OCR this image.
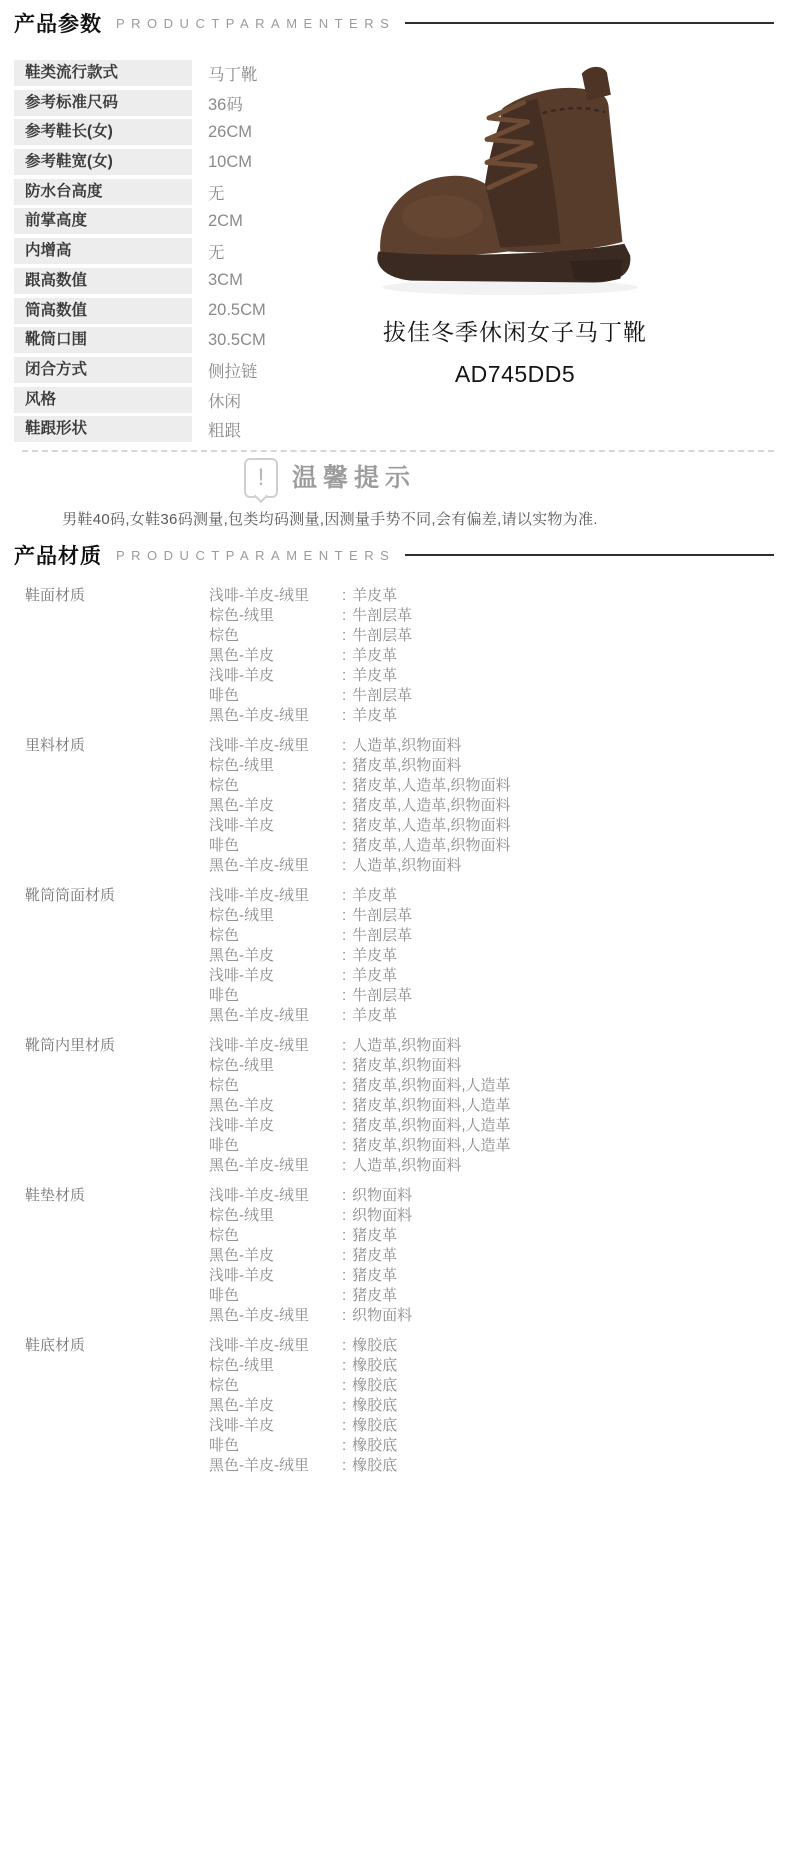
产品参数 PRODUCTPARAMENTERS
鞋类流行款式	马丁靴
参考标准尺码	36码
参考鞋长(女)	26CM
参考鞋宽(女)	10CM
防水台高度	无
前掌高度	2CM
内增高	无
跟高数值	3CM
筒高数值	20.5CM
靴筒口围	30.5CM
闭合方式	侧拉链
风格	休闲
鞋跟形状	粗跟
拔佳冬季休闲女子马丁靴
AD745DD5
!	温馨提示
男鞋40码,女鞋36码测量,包类均码测量,因测量手势不同,会有偏差,请以实物为准.
产品材质 PRODUCTPARAMENTERS
鞋面材质	浅啡-羊皮-绒里 : 羊皮革
棕色-绒里	: 牛剖层革
棕色	: 牛剖层革
黑色-羊皮	: 羊皮革
浅啡-羊皮	: 羊皮革
啡色	: 牛剖层革
黑色-羊皮-绒里 : 羊皮革
里料材质	浅啡-羊皮-绒里 : 人造革,织物面料
棕色-绒里	: 猪皮革,织物面料
棕色	: 猪皮革,人造革,织物面料
黑色-羊皮	: 猪皮革,人造革,织物面料
浅啡-羊皮	: 猪皮革,人造革,织物面料
啡色	: 猪皮革,人造革,织物面料
黑色-羊皮-绒里 : 人造革,织物面料
靴筒筒面材质	浅啡-羊皮-绒里 : 羊皮革
棕色-绒里	: 牛剖层革
棕色	: 牛剖层革
黑色-羊皮	: 羊皮革
浅啡-羊皮	: 羊皮革
啡色	: 牛剖层革
黑色-羊皮-绒里 : 羊皮革
靴筒内里材质	浅啡-羊皮-绒里 : 人造革,织物面料
棕色-绒里	: 猪皮革,织物面料
棕色	: 猪皮革,织物面料,人造革
黑色-羊皮	: 猪皮革,织物面料,人造革
浅啡-羊皮	: 猪皮革,织物面料,人造革
啡色	: 猪皮革,织物面料,人造革
黑色-羊皮-绒里 : 人造革,织物面料
鞋垫材质	浅啡-羊皮-绒里 : 织物面料
棕色-绒里	: 织物面料
棕色	: 猪皮革
黑色-羊皮	: 猪皮革
浅啡-羊皮	: 猪皮革
啡色	: 猪皮革
黑色-羊皮-绒里 : 织物面料
鞋底材质	浅啡-羊皮-绒里 : 橡胶底
棕色-绒里	: 橡胶底
棕色	: 橡胶底
黑色-羊皮	: 橡胶底
浅啡-羊皮	: 橡胶底
啡色	: 橡胶底
黑色-羊皮-绒里 : 橡胶底
